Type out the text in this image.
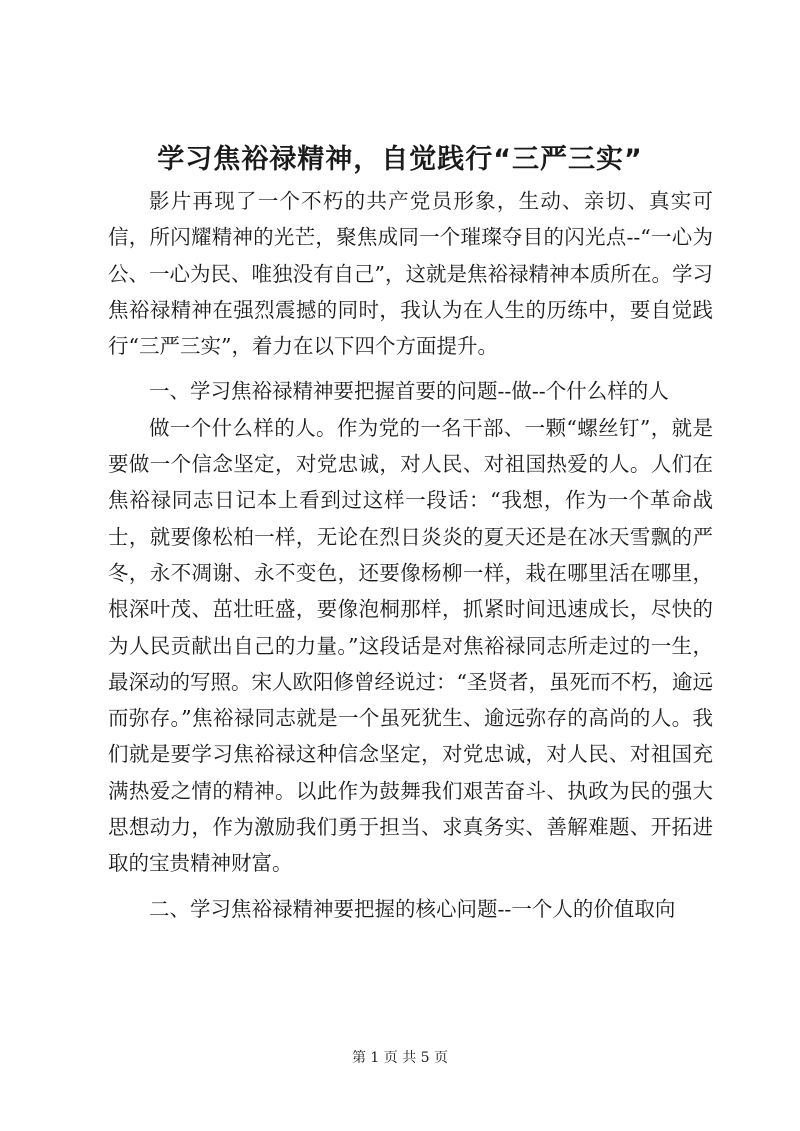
学习焦裕禄精神，自觉践行“三严三实”

影片再现了一个不朽的共产党员形象，生动、亲切、真实可信，所闪耀精神的光芒，聚焦成同一个璀璨夺目的闪光点--“一心为公、一心为民、唯独没有自己”，这就是焦裕禄精神本质所在。学习焦裕禄精神在强烈震撼的同时，我认为在人生的历练中，要自觉践行“三严三实”，着力在以下四个方面提升。

一、学习焦裕禄精神要把握首要的问题--做--个什么样的人

做一个什么样的人。作为党的一名干部、一颗“螺丝钉”，就是要做一个信念坚定，对党忠诚，对人民、对祖国热爱的人。人们在焦裕禄同志日记本上看到过这样一段话：“我想，作为一个革命战士，就要像松柏一样，无论在烈日炎炎的夏天还是在冰天雪飘的严冬，永不凋谢、永不变色，还要像杨柳一样，栽在哪里活在哪里，根深叶茂、茁壮旺盛，要像泡桐那样，抓紧时间迅速成长，尽快的为人民贡献出自己的力量。”这段话是对焦裕禄同志所走过的一生，最深动的写照。宋人欧阳修曾经说过：“圣贤者，虽死而不朽，逾远而弥存。”焦裕禄同志就是一个虽死犹生、逾远弥存的高尚的人。我们就是要学习焦裕禄这种信念坚定，对党忠诚，对人民、对祖国充满热爱之情的精神。以此作为鼓舞我们艰苦奋斗、执政为民的强大思想动力，作为激励我们勇于担当、求真务实、善解难题、开拓进取的宝贵精神财富。

二、学习焦裕禄精神要把握的核心问题--一个人的价值取向

第 1 页 共 5 页
